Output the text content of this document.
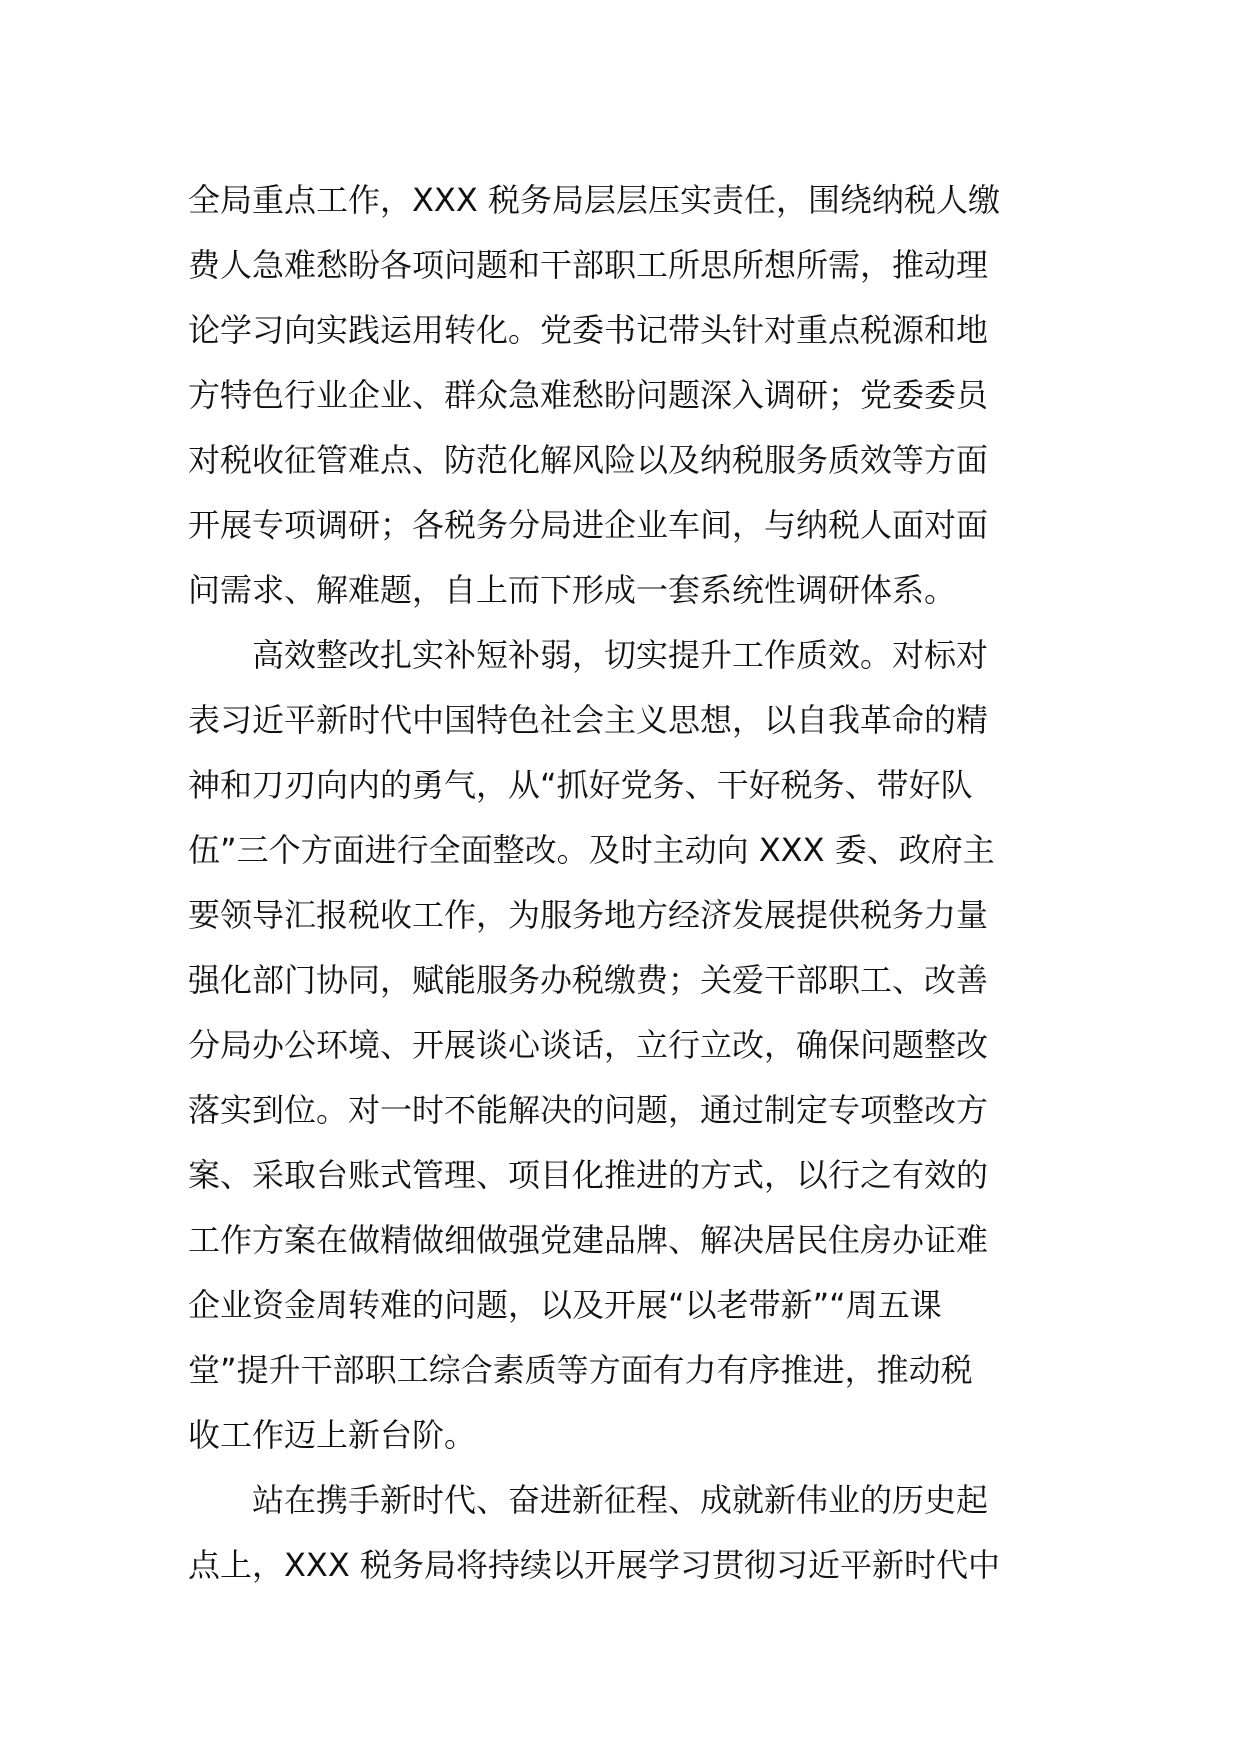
全局重点工作，XXX 税务局层层压实责任，围绕纳税人缴
费人急难愁盼各项问题和干部职工所思所想所需，推动理
论学习向实践运用转化。党委书记带头针对重点税源和地
方特色行业企业、群众急难愁盼问题深入调研；党委委员
对税收征管难点、防范化解风险以及纳税服务质效等方面
开展专项调研；各税务分局进企业车间，与纳税人面对面
问需求、解难题，自上而下形成一套系统性调研体系。

高效整改扎实补短补弱，切实提升工作质效。对标对
表习近平新时代中国特色社会主义思想，以自我革命的精
神和刀刃向内的勇气，从“抓好党务、干好税务、带好队
伍”三个方面进行全面整改。及时主动向 XXX 委、政府主
要领导汇报税收工作，为服务地方经济发展提供税务力量
强化部门协同，赋能服务办税缴费；关爱干部职工、改善
分局办公环境、开展谈心谈话，立行立改，确保问题整改
落实到位。对一时不能解决的问题，通过制定专项整改方
案、采取台账式管理、项目化推进的方式，以行之有效的
工作方案在做精做细做强党建品牌、解决居民住房办证难
企业资金周转难的问题，以及开展“以老带新”“周五课
堂”提升干部职工综合素质等方面有力有序推进，推动税
收工作迈上新台阶。

站在携手新时代、奋进新征程、成就新伟业的历史起
点上，XXX 税务局将持续以开展学习贯彻习近平新时代中
